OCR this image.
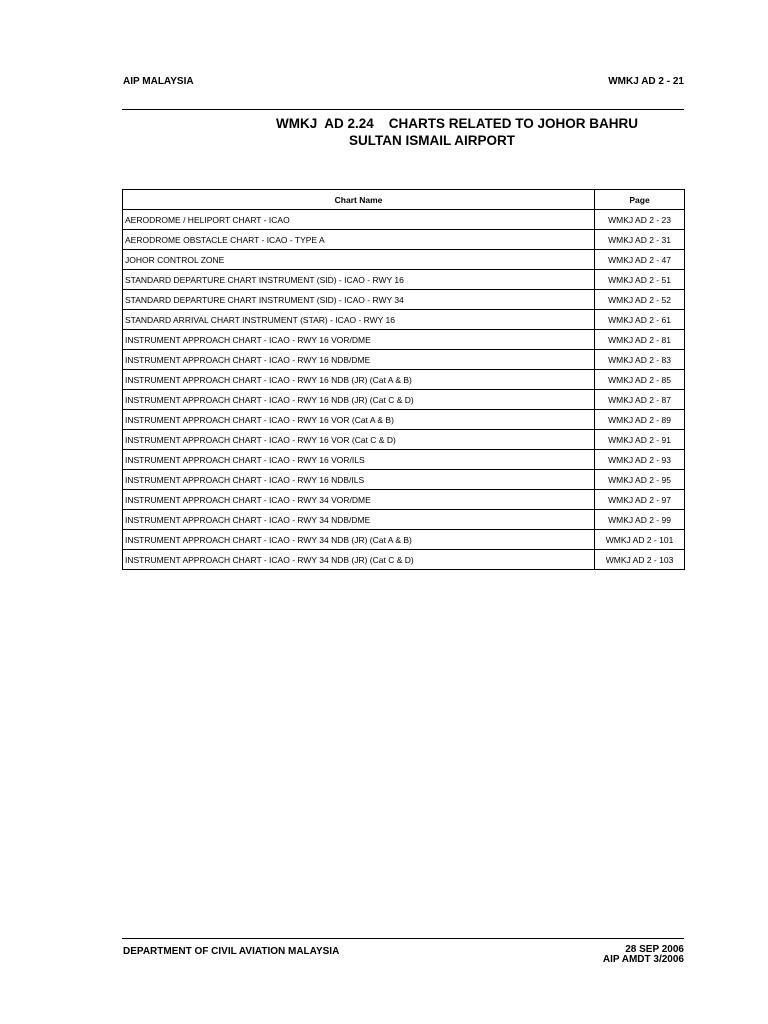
AIP MALAYSIA	WMKJ AD 2 - 21
WMKJ  AD 2.24    CHARTS RELATED TO JOHOR BAHRU
SULTAN ISMAIL AIRPORT
Chart Name	Page
AERODROME / HELIPORT CHART - ICAO	WMKJ AD 2 - 23
AERODROME OBSTACLE CHART - ICAO - TYPE A	WMKJ AD 2 - 31
JOHOR CONTROL ZONE	WMKJ AD 2 - 47
STANDARD DEPARTURE CHART INSTRUMENT (SID) - ICAO - RWY 16	WMKJ AD 2 - 51
STANDARD DEPARTURE CHART INSTRUMENT (SID) - ICAO - RWY 34	WMKJ AD 2 - 52
STANDARD ARRIVAL CHART INSTRUMENT (STAR) - ICAO - RWY 16	WMKJ AD 2 - 61
INSTRUMENT APPROACH CHART - ICAO - RWY 16 VOR/DME	WMKJ AD 2 - 81
INSTRUMENT APPROACH CHART - ICAO - RWY 16 NDB/DME	WMKJ AD 2 - 83
INSTRUMENT APPROACH CHART - ICAO - RWY 16 NDB (JR) (Cat A & B)	WMKJ AD 2 - 85
INSTRUMENT APPROACH CHART - ICAO - RWY 16 NDB (JR) (Cat C & D)	WMKJ AD 2 - 87
INSTRUMENT APPROACH CHART - ICAO - RWY 16 VOR (Cat A & B)	WMKJ AD 2 - 89
INSTRUMENT APPROACH CHART - ICAO - RWY 16 VOR (Cat C & D)	WMKJ AD 2 - 91
INSTRUMENT APPROACH CHART - ICAO - RWY 16 VOR/ILS	WMKJ AD 2 - 93
INSTRUMENT APPROACH CHART - ICAO - RWY 16 NDB/ILS	WMKJ AD 2 - 95
INSTRUMENT APPROACH CHART - ICAO - RWY 34 VOR/DME	WMKJ AD 2 - 97
INSTRUMENT APPROACH CHART - ICAO - RWY 34 NDB/DME	WMKJ AD 2 - 99
INSTRUMENT APPROACH CHART - ICAO - RWY 34 NDB (JR) (Cat A & B)	WMKJ AD 2 - 101
INSTRUMENT APPROACH CHART - ICAO - RWY 34 NDB (JR) (Cat C & D)	WMKJ AD 2 - 103
DEPARTMENT OF CIVIL AVIATION MALAYSIA	28 SEP 2006
AIP AMDT 3/2006
